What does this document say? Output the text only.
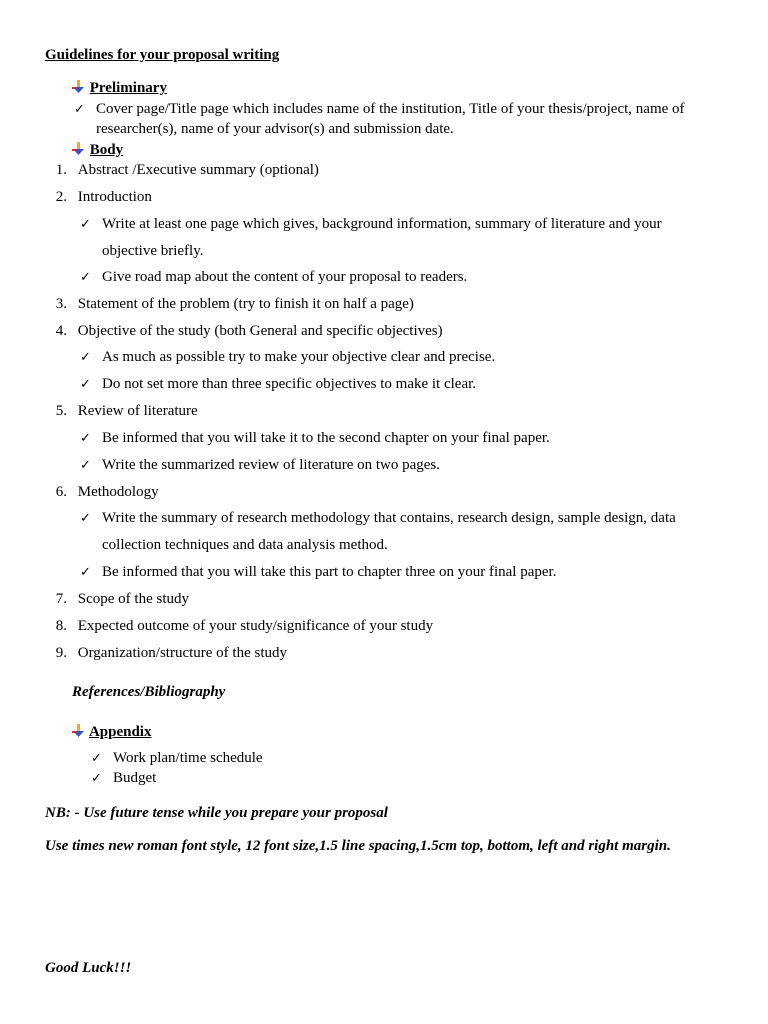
Guidelines for your proposal writing
Preliminary
✓ Cover page/Title page which includes name of the institution, Title of your thesis/project, name of
researcher(s), name of your advisor(s) and submission date.
Body
1. Abstract /Executive summary (optional)
2. Introduction
✓ Write at least one page which gives, background information, summary of literature and your
objective briefly.
✓ Give road map about the content of your proposal to readers.
3. Statement of the problem (try to finish it on half a page)
4. Objective of the study (both General and specific objectives)
✓ As much as possible try to make your objective clear and precise.
✓ Do not set more than three specific objectives to make it clear.
5. Review of literature
✓ Be informed that you will take it to the second chapter on your final paper.
✓ Write the summarized review of literature on two pages.
6. Methodology
✓ Write the summary of research methodology that contains, research design, sample design, data
collection techniques and data analysis method.
✓ Be informed that you will take this part to chapter three on your final paper.
7. Scope of the study
8. Expected outcome of your study/significance of your study
9. Organization/structure of the study
References/Bibliography
Appendix
✓ Work plan/time schedule
✓ Budget
NB: - Use future tense while you prepare your proposal
Use times new roman font style, 12 font size,1.5 line spacing,1.5cm top, bottom, left and right margin.
Good Luck!!!
